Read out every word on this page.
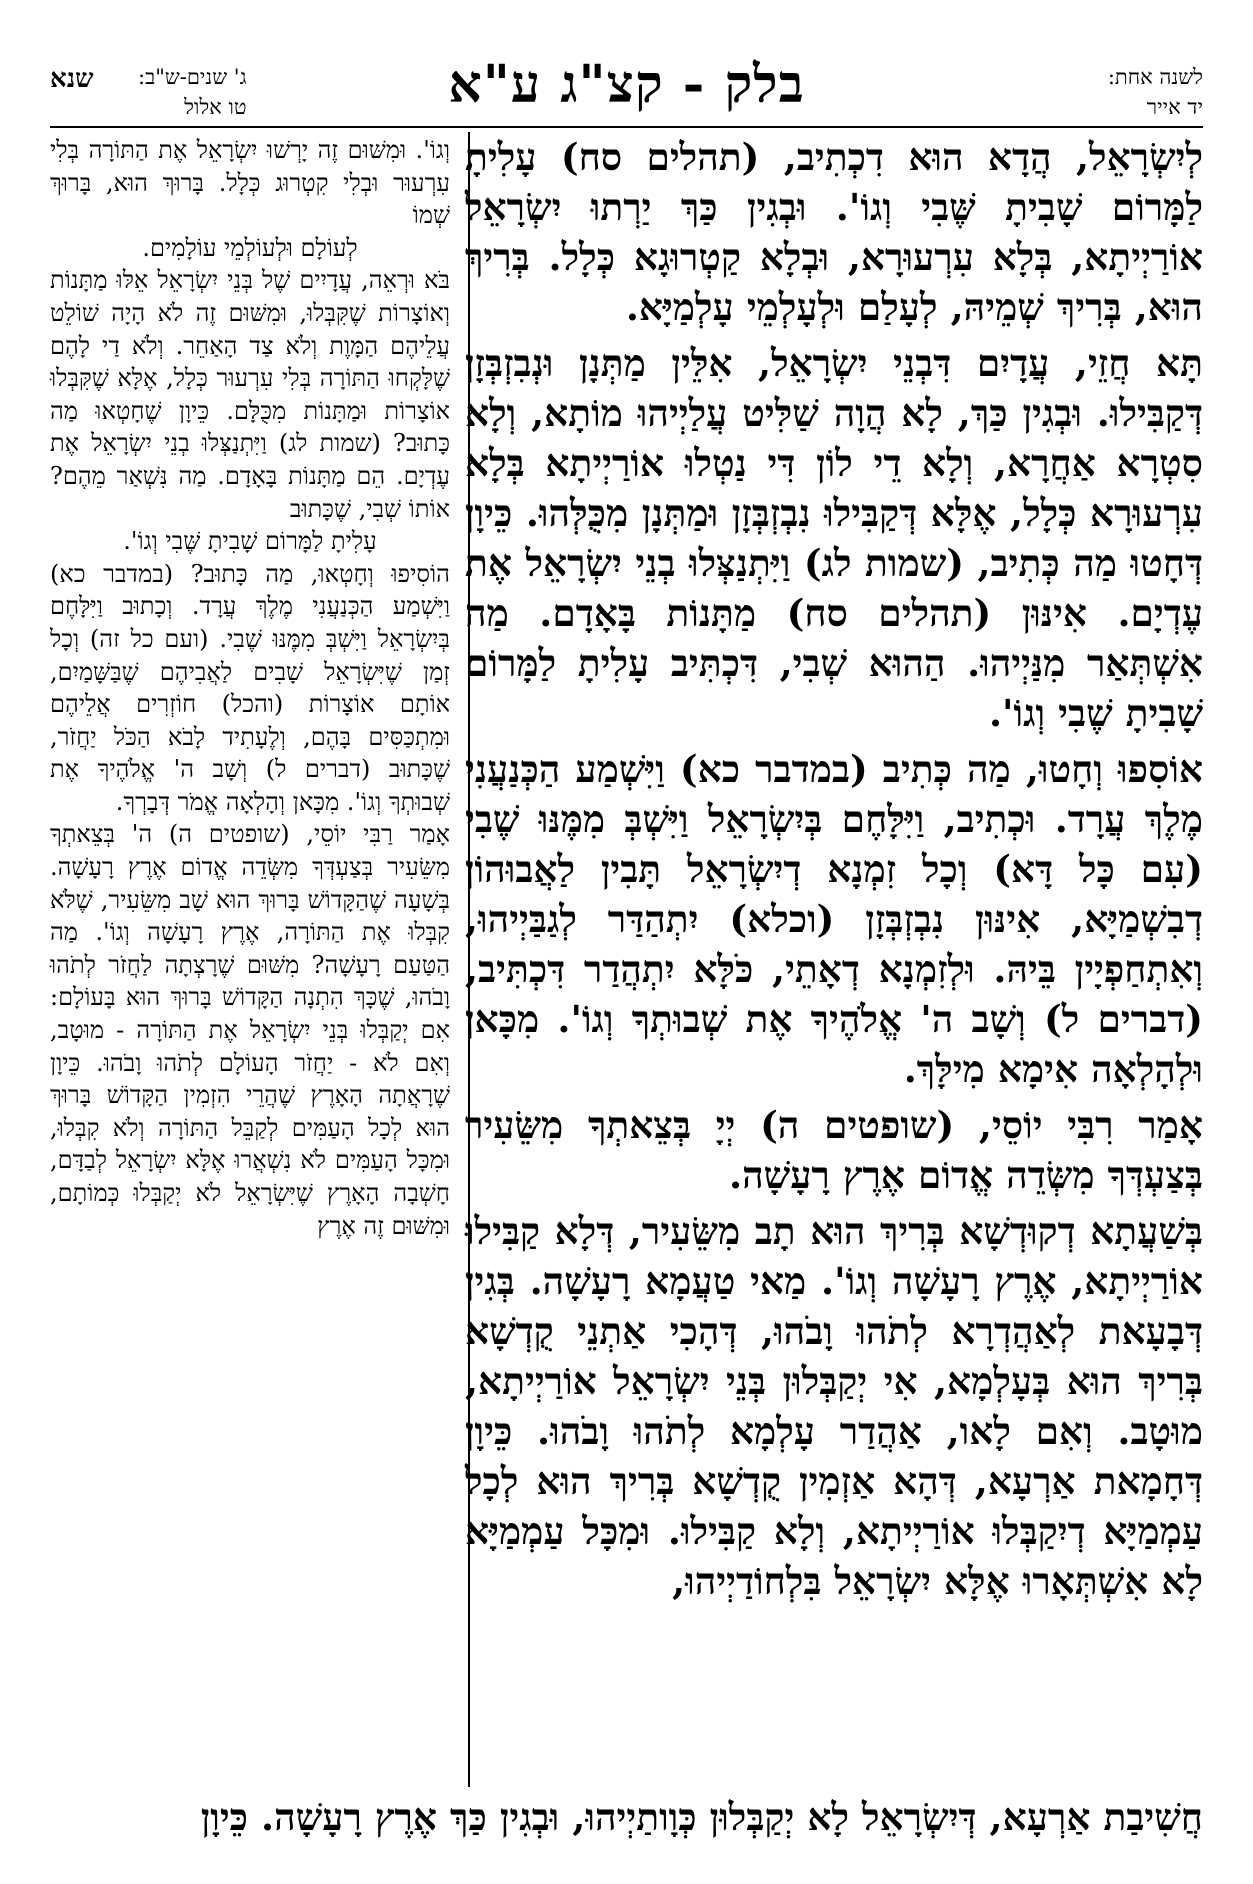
לשנה אחת:
יד אייר
בלק - קצ"ג ע"א
ג' שנים-ש"ב:
טו אלול
שנא

לְיִשְׂרָאֵל, הֲדָא הוּא דִכְתִיב, (תהלים סח) עָלִיתָ לַמָּרוֹם שָׁבִיתָ שֶּׁבִי וְגוֹ'. וּבְגִין כַּךְ יַרְתוּ יִשְׂרָאֵל אוֹרַיְיתָא, בְּלָא עִרְעוּרָא, וּבְלָא קַטְרוּגָא כְּלָל. בְּרִיךְ הוּא, בְּרִיךְ שְׁמֵיהּ, לְעָלַם וּלְעָלְמֵי עָלְמַיָּא.

תָּא חֲזֵי, עֲדָיִם דִּבְנֵי יִשְׂרָאֵל, אִלֵּין מַתְּנָן וּנְבִזְבְּזָן דְּקַבִּילוּ. וּבְגִין כַּךְ, לָא הֲוָה שַׁלִּיט עֲלַיְיהוּ מוֹתָא, וְלָא סִטְרָא אַחֲרָא, וְלָא דֵי לוֹן דִּי נַטְלוּ אוֹרַיְיתָא בְּלָא עִרְעוּרָא כְּלָל, אֶלָּא דְּקַבִּילוּ נִבְזְבְּזָן וּמַתְּנָן מִכֻּלְּהוּ. כֵּיוָן דְּחָטוּ מַה כְּתִיב, (שמות לג) וַיִּתְנַצְּלוּ בְנֵי יִשְׂרָאֵל אֶת עֶדְיָם. אִינּוּן (תהלים סח) מַתָּנוֹת בָּאָדָם. מַה אִשְׁתְּאַר מִנַּיְיהוּ. הַהוּא שְׁבִי, דִּכְתִּיב עָלִיתָ לַמָּרוֹם שָׁבִיתָ שֶׁבִי וְגוֹ'.

אוֹסִפוּ וְחָטוּ, מַה כְּתִיב (במדבר כא) וַיִּשְׁמַע הַכְּנַעֲנִי מֶלֶךְ עֲרָד. וּכְתִיב, וַיִּלָּחֶם בְּיִשְׂרָאֵל וַיִּשְׁבְּ מִמֶּנּוּ שֶׁבִי (עִם כָּל דָּא) וְכָל זִמְנָא דְיִשְׂרָאֵל תָּבִין לַאֲבוּהוֹן דְבִשְׁמַיָּא, אִינּוּן נִבְזְבְּזָן (וכלא) יִתְהַדַּר לְגַבַּיְיהוּ, וְאִתְחַפְיָין בֵּיהּ. וּלְזִמְנָא דְאָתֵי, כֹּלָּא יִתְהֲדַר דִּכְתִּיב, (דברים ל) וְשָׁב ה' אֱלֹהֶיךָ אֶת שְׁבוּתְךָ וְגוֹ'. מִכָּאן וּלְהָלְאָה אִימָא מִילָּךְ.

אָמַר רִבִּי יוֹסֵי, (שופטים ה) יְיָ בְּצֵאתְךָ מִשֵּׂעִיר בְּצַעְדְּךָ מִשְּׂדֵה אֱדוֹם אֶרֶץ רָעָשָׁה.

בְּשַׁעֲתָא דְקוּדְשָׁא בְּרִיךְ הוּא תָב מִשֵּׂעִיר, דְּלָא קַבִּילוּ אוֹרַיְיתָא, אֶרֶץ רָעָשָׁה וְגוֹ'. מַאי טַעֲמָא רָעָשָׁה. בְּגִין דְּבָעָאת לְאַהֲדְרָא לְתֹהוּ וָבֹהוּ, דְּהָכִי אַתְנֵי קֻדְשָׁא בְּרִיךְ הוּא בְּעָלְמָא, אִי יְקַבְּלוּן בְּנֵי יִשְׂרָאֵל אוֹרַיְיתָא, מוּטָב. וְאִם לָאו, אַהֲדַר עָלְמָא לְתֹהוּ וָבֹהוּ. כֵּיוָן דְּחָמָאת אַרְעָא, דְּהָא אַזְמִין קֻדְשָׁא בְּרִיךְ הוּא לְכָל עַמְמַיָּא דְיִקַבְּלוּ אוֹרַיְיתָא, וְלָא קַבִּילוּ. וּמִכָּל עַמְמַיָּא לָא אִשְׁתְּאָרוּ אֶלָּא יִשְׂרָאֵל בִּלְחוֹדַיְיהוּ,

וְגוֹ'. וּמִשּׁוּם זֶה יָרְשׁוּ יִשְׂרָאֵל אֶת הַתּוֹרָה בְּלִי עִרְעוּר וּבְלִי קִטְרוּג כְּלָל. בָּרוּךְ הוּא, בָּרוּךְ שְׁמוֹ

לְעוֹלָם וּלְעוֹלְמֵי עוֹלָמִים.

בֹּא וּרְאֵה, עֲדָיִים שֶׁל בְּנֵי יִשְׂרָאֵל אֵלּוּ מַתָּנוֹת וְאוֹצָרוֹת שֶׁקִּבְּלוּ, וּמִשּׁוּם זֶה לֹא הָיָה שׁוֹלֵט עֲלֵיהֶם הַמָּוֶת וְלֹא צַד הָאַחֵר. וְלֹא דַי לָהֶם שֶׁלָּקְחוּ הַתּוֹרָה בְּלִי עִרְעוּר כְּלָל, אֶלָּא שֶׁקִּבְּלוּ אוֹצָרוֹת וּמַתָּנוֹת מִכֻּלָּם. כֵּיוָן שֶׁחָטְאוּ מַה כָּתוּב? (שמות לג) וַיִּתְנַצְּלוּ בְנֵי יִשְׂרָאֵל אֶת עֶדְיָם. הֵם מַתָּנוֹת בָּאָדָם. מַה נִּשְׁאַר מֵהֶם? אוֹתוֹ שְׁבִי, שֶׁכָּתוּב

עָלִיתָ לַמָּרוֹם שָׁבִיתָ שֶּׁבִי וְגוֹ'.

הוֹסִיפוּ וְחָטְאוּ, מַה כָּתוּב? (במדבר כא) וַיִּשְׁמַע הַכְּנַעֲנִי מֶלֶךְ עֲרָד. וְכָתוּב וַיִּלָּחֶם בְּיִשְׂרָאֵל וַיִּשְׁבְּ מִמֶּנּוּ שֶׁבִי. (ועם כל זה) וְכָל זְמַן שֶׁיִּשְׂרָאֵל שָׁבִים לַאֲבִיהֶם שֶׁבַּשָּׁמַיִם, אוֹתָם אוֹצָרוֹת (והכל) חוֹזְרִים אֲלֵיהֶם וּמִתְכַּסִּים בָּהֶם, וְלֶעָתִיד לָבֹא הַכֹּל יַחֲזֹר, שֶׁכָּתוּב (דברים ל) וְשָׁב ה' אֱלֹהֶיךָ אֶת שְׁבוּתְךָ וְגוֹ'. מִכָּאן וְהָלְאָה אֱמֹר דְּבָרְךָ.

אָמַר רַבִּי יוֹסֵי, (שופטים ה) ה' בְּצֵאתְךָ מִשֵּׂעִיר בְּצַעְדְּךָ מִשְּׂדֵה אֱדוֹם אֶרֶץ רָעָשָׁה. בְּשָׁעָה שֶׁהַקָּדוֹשׁ בָּרוּךְ הוּא שָׁב מִשֵּׂעִיר, שֶׁלֹּא קִבְּלוּ אֶת הַתּוֹרָה, אֶרֶץ רָעָשָׁה וְגוֹ'. מַה הַטַּעַם רָעָשָׁה? מִשּׁוּם שֶׁרָצְתָה לַחֲזֹר לְתֹהוּ וָבֹהוּ, שֶׁכָּךְ הִתְנָה הַקָּדוֹשׁ בָּרוּךְ הוּא בָּעוֹלָם: אִם יְקַבְּלוּ בְּנֵי יִשְׂרָאֵל אֶת הַתּוֹרָה - מוּטָב, וְאִם לֹא - יַחֲזֹר הָעוֹלָם לְתֹהוּ וָבֹהוּ. כֵּיוָן שֶׁרָאֲתָה הָאָרֶץ שֶׁהֲרֵי הִזְמִין הַקָּדוֹשׁ בָּרוּךְ הוּא לְכָל הָעַמִּים לְקַבֵּל הַתּוֹרָה וְלֹא קִבְּלוּ, וּמִכָּל הָעַמִּים לֹא נִשְׁאֲרוּ אֶלָּא יִשְׂרָאֵל לְבַדָּם, חָשְׁבָה הָאָרֶץ שֶׁיִּשְׂרָאֵל לֹא יְקַבְּלוּ כְּמוֹתָם, וּמִשּׁוּם זֶה אֶרֶץ

חֲשִׁיבַת אַרְעָא, דְּיִשְׂרָאֵל לָא יְקַבְּלוּן כְּוָותַיְיהוּ, וּבְגִין כַּךְ אֶרֶץ רָעָשָׁה. כֵּיוָן
